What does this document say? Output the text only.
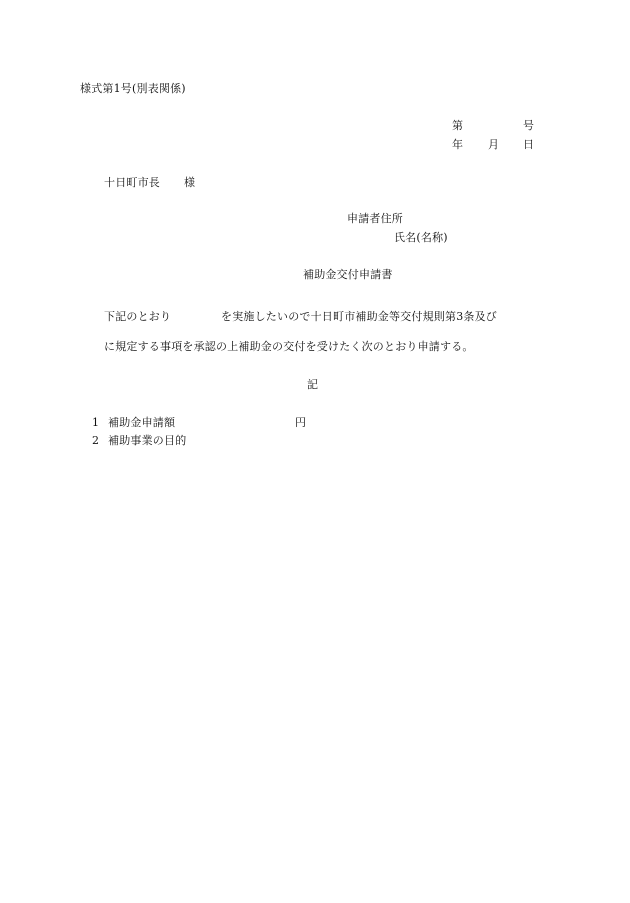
様式第1号(別表関係)
第	号
年 月 日
十日町市長 様
申請者住所
氏名(名称)
補助金交付申請書
下記のとおり	を実施したいので十日町市補助金等交付規則第3条及び
に規定する事項を承認の上補助金の交付を受けたく次のとおり申請する。
記
1 補助金申請額	円
2 補助事業の目的
